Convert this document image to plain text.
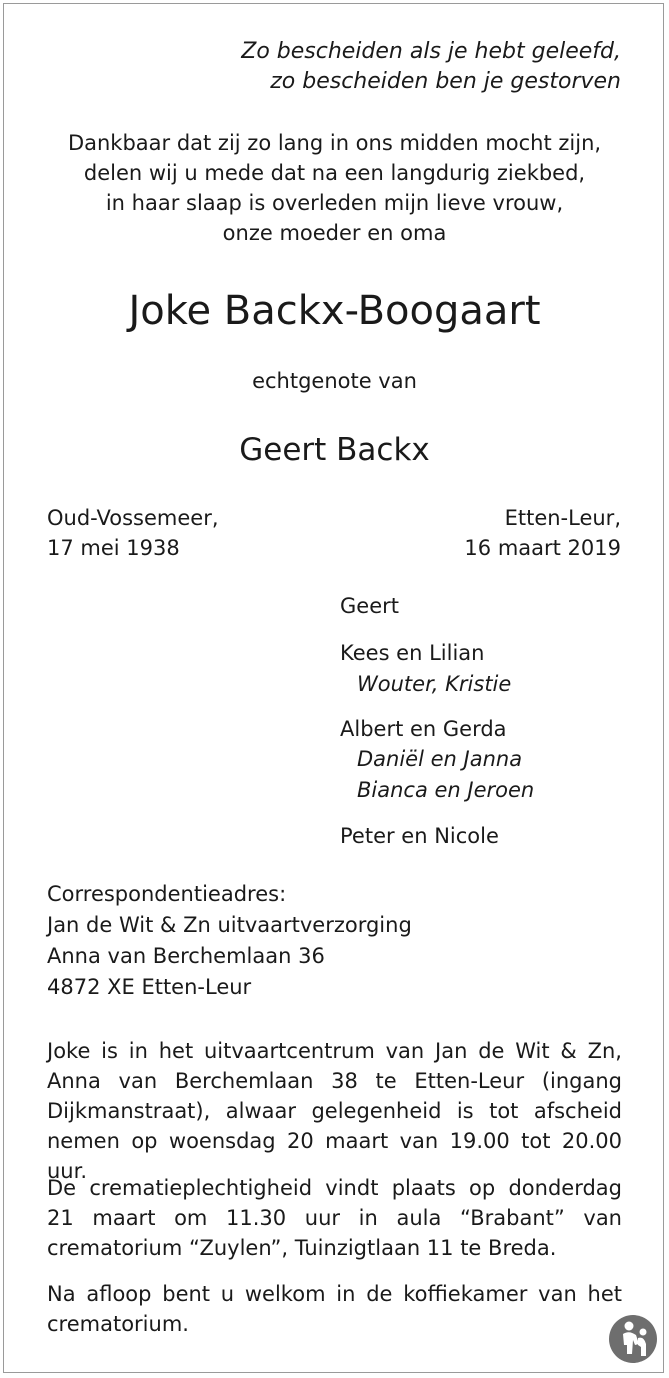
Zo bescheiden als je hebt geleefd,
zo bescheiden ben je gestorven
Dankbaar dat zij zo lang in ons midden mocht zijn,
delen wij u mede dat na een langdurig ziekbed,
in haar slaap is overleden mijn lieve vrouw,
onze moeder en oma
Joke Backx-Boogaart
echtgenote van
Geert Backx
Oud-Vossemeer,
17 mei 1938
Etten-Leur,
16 maart 2019
Geert
Kees en Lilian
Wouter, Kristie
Albert en Gerda
Daniël en Janna
Bianca en Jeroen
Peter en Nicole
Correspondentieadres:
Jan de Wit & Zn uitvaartverzorging
Anna van Berchemlaan 36
4872 XE Etten-Leur
Joke is in het uitvaartcentrum van Jan de Wit & Zn,
Anna van Berchemlaan 38 te Etten-Leur (ingang
Dijkmanstraat), alwaar gelegenheid is tot afscheid
nemen op woensdag 20 maart van 19.00 tot 20.00 uur.
De crematieplechtigheid vindt plaats op donderdag
21 maart om 11.30 uur in aula “Brabant” van
crematorium “Zuylen”, Tuinzigtlaan 11 te Breda.
Na afloop bent u welkom in de koffiekamer van het
crematorium.
